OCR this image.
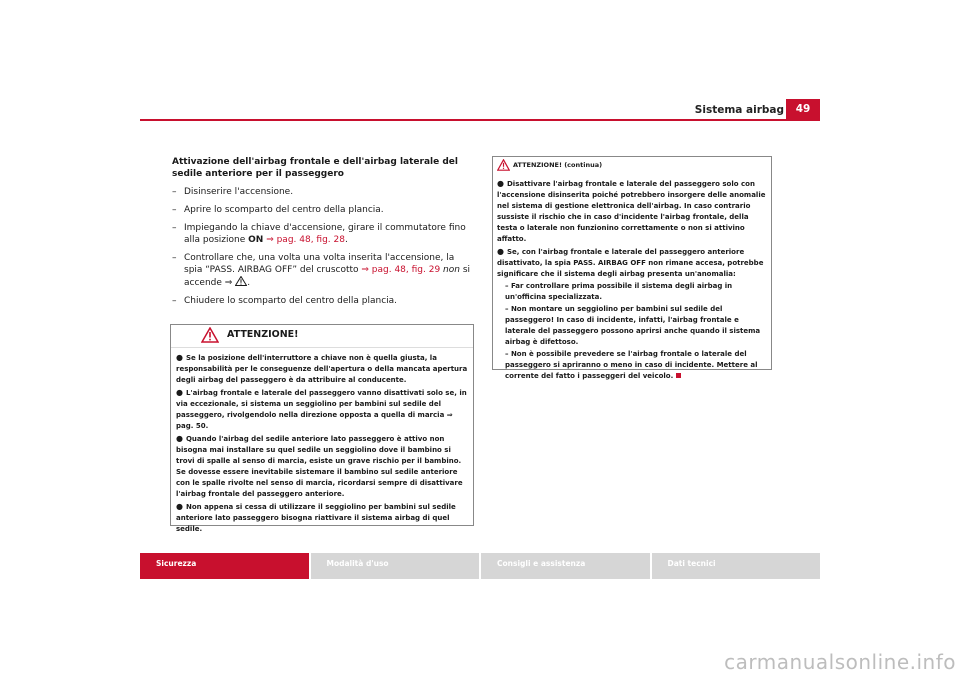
Sistema airbag	49
Attivazione dell'airbag frontale e dell'airbag laterale del sedile anteriore per il passeggero
– Disinserire l'accensione.
– Aprire lo scomparto del centro della plancia.
– Impiegando la chiave d'accensione, girare il commutatore fino alla posizione ON ⇒ pag. 48, fig. 28.
– Controllare che, una volta una volta inserita l'accensione, la spia “PASS. AIRBAG OFF” del cruscotto ⇒ pag. 48, fig. 29 non si accende ⇒ .
– Chiudere lo scomparto del centro della plancia.
ATTENZIONE!
● Se la posizione dell'interruttore a chiave non è quella giusta, la responsabilità per le conseguenze dell'apertura o della mancata apertura degli airbag del passeggero è da attribuire al conducente.
● L'airbag frontale e laterale del passeggero vanno disattivati solo se, in via eccezionale, si sistema un seggiolino per bambini sul sedile del passeggero, rivolgendolo nella direzione opposta a quella di marcia ⇒ pag. 50.
● Quando l'airbag del sedile anteriore lato passeggero è attivo non bisogna mai installare su quel sedile un seggiolino dove il bambino si trovi di spalle al senso di marcia, esiste un grave rischio per il bambino. Se dovesse essere inevitabile sistemare il bambino sul sedile anteriore con le spalle rivolte nel senso di marcia, ricordarsi sempre di disattivare l'airbag frontale del passeggero anteriore.
● Non appena si cessa di utilizzare il seggiolino per bambini sul sedile anteriore lato passeggero bisogna riattivare il sistema airbag di quel sedile.
ATTENZIONE! (continua)
● Disattivare l'airbag frontale e laterale del passeggero solo con l'accensione disinserita poiché potrebbero insorgere delle anomalie nel sistema di gestione elettronica dell'airbag. In caso contrario sussiste il rischio che in caso d'incidente l'airbag frontale, della testa o laterale non funzionino correttamente o non si attivino affatto.
● Se, con l'airbag frontale e laterale del passeggero anteriore disattivato, la spia PASS. AIRBAG OFF non rimane accesa, potrebbe significare che il sistema degli airbag presenta un'anomalia:
– Far controllare prima possibile il sistema degli airbag in un'officina specializzata.
– Non montare un seggiolino per bambini sul sedile del passeggero! In caso di incidente, infatti, l'airbag frontale e laterale del passeggero possono aprirsi anche quando il sistema airbag è difettoso.
– Non è possibile prevedere se l'airbag frontale o laterale del passeggero si apriranno o meno in caso di incidente. Mettere al corrente del fatto i passeggeri del veicolo.
Sicurezza	Modalità d'uso	Consigli e assistenza	Dati tecnici
carmanualsonline.info
